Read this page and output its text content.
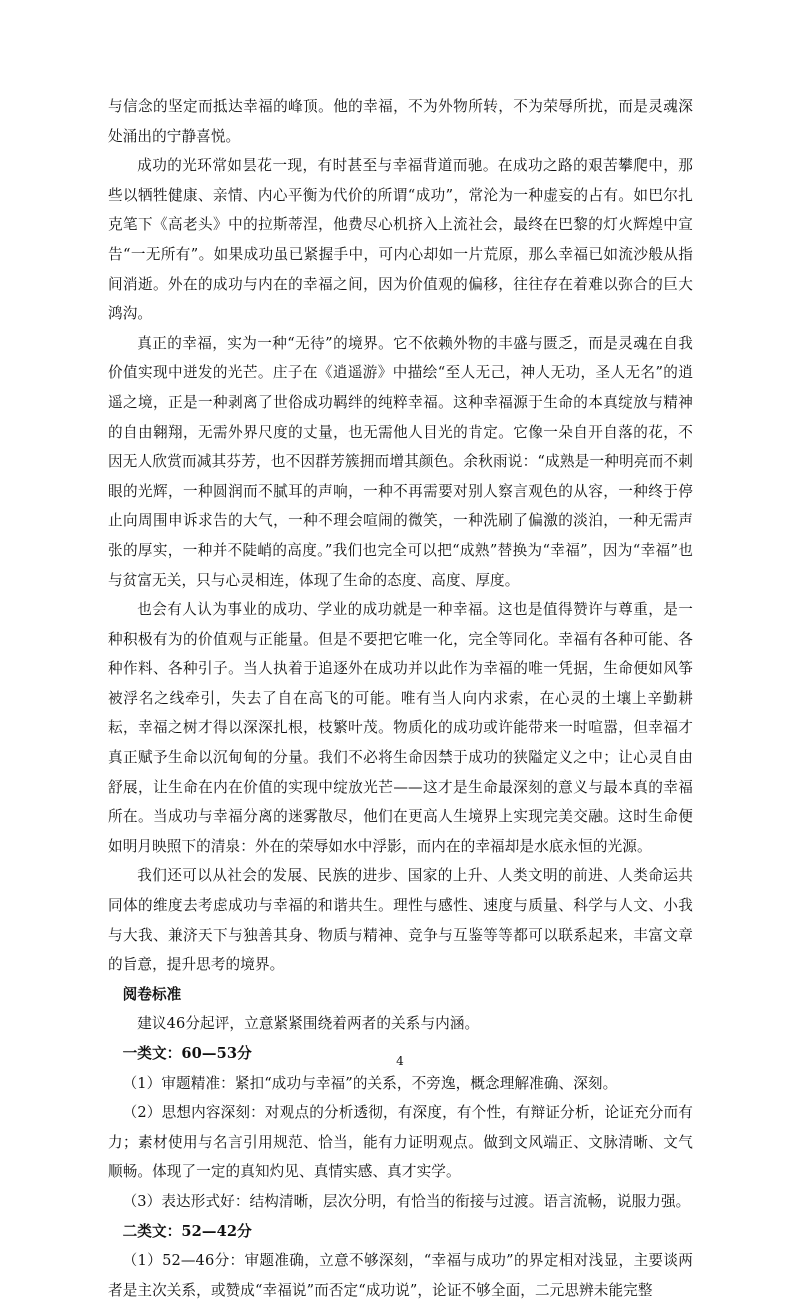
与信念的坚定而抵达幸福的峰顶。他的幸福，不为外物所转，不为荣辱所扰，而是灵魂深处涌出的宁静喜悦。

成功的光环常如昙花一现，有时甚至与幸福背道而驰。在成功之路的艰苦攀爬中，那些以牺牲健康、亲情、内心平衡为代价的所谓“成功”，常沦为一种虚妄的占有。如巴尔扎克笔下《高老头》中的拉斯蒂涅，他费尽心机挤入上流社会，最终在巴黎的灯火辉煌中宣告“一无所有”。如果成功虽已紧握手中，可内心却如一片荒原，那么幸福已如流沙般从指间消逝。外在的成功与内在的幸福之间，因为价值观的偏移，往往存在着难以弥合的巨大鸿沟。

真正的幸福，实为一种“无待”的境界。它不依赖外物的丰盛与匮乏，而是灵魂在自我价值实现中迸发的光芒。庄子在《逍遥游》中描绘“至人无己，神人无功，圣人无名”的逍遥之境，正是一种剥离了世俗成功羁绊的纯粹幸福。这种幸福源于生命的本真绽放与精神的自由翱翔，无需外界尺度的丈量，也无需他人目光的肯定。它像一朵自开自落的花，不因无人欣赏而减其芬芳，也不因群芳簇拥而增其颜色。余秋雨说：“成熟是一种明亮而不刺眼的光辉，一种圆润而不腻耳的声响，一种不再需要对别人察言观色的从容，一种终于停止向周围申诉求告的大气，一种不理会喧闹的微笑，一种洗刷了偏激的淡泊，一种无需声张的厚实，一种并不陡峭的高度。”我们也完全可以把“成熟”替换为“幸福”，因为“幸福”也与贫富无关，只与心灵相连，体现了生命的态度、高度、厚度。

也会有人认为事业的成功、学业的成功就是一种幸福。这也是值得赞许与尊重，是一种积极有为的价值观与正能量。但是不要把它唯一化，完全等同化。幸福有各种可能、各种作料、各种引子。当人执着于追逐外在成功并以此作为幸福的唯一凭据，生命便如风筝被浮名之线牵引，失去了自在高飞的可能。唯有当人向内求索，在心灵的土壤上辛勤耕耘，幸福之树才得以深深扎根，枝繁叶茂。物质化的成功或许能带来一时喧嚣，但幸福才真正赋予生命以沉甸甸的分量。我们不必将生命因禁于成功的狭隘定义之中；让心灵自由舒展，让生命在内在价值的实现中绽放光芒——这才是生命最深刻的意义与最本真的幸福所在。当成功与幸福分离的迷雾散尽，他们在更高人生境界上实现完美交融。这时生命便如明月映照下的清泉：外在的荣辱如水中浮影，而内在的幸福却是水底永恒的光源。

我们还可以从社会的发展、民族的进步、国家的上升、人类文明的前进、人类命运共同体的维度去考虑成功与幸福的和谐共生。理性与感性、速度与质量、科学与人文、小我与大我、兼济天下与独善其身、物质与精神、竞争与互鉴等等都可以联系起来，丰富文章的旨意，提升思考的境界。

阅卷标准

建议46分起评，立意紧紧围绕着两者的关系与内涵。

一类文：60—53分

（1）审题精准：紧扣“成功与幸福”的关系，不旁逸，概念理解准确、深刻。

（2）思想内容深刻：对观点的分析透彻，有深度，有个性，有辩证分析，论证充分而有力；素材使用与名言引用规范、恰当，能有力证明观点。做到文风端正、文脉清晰、文气顺畅。体现了一定的真知灼见、真情实感、真才实学。

（3）表达形式好：结构清晰，层次分明，有恰当的衔接与过渡。语言流畅，说服力强。

二类文：52—42分

（1）52—46分：审题准确，立意不够深刻，“幸福与成功”的界定相对浅显，主要谈两者是主次关系，或赞成“幸福说”而否定“成功说”，论证不够全面，二元思辨未能完整

4
